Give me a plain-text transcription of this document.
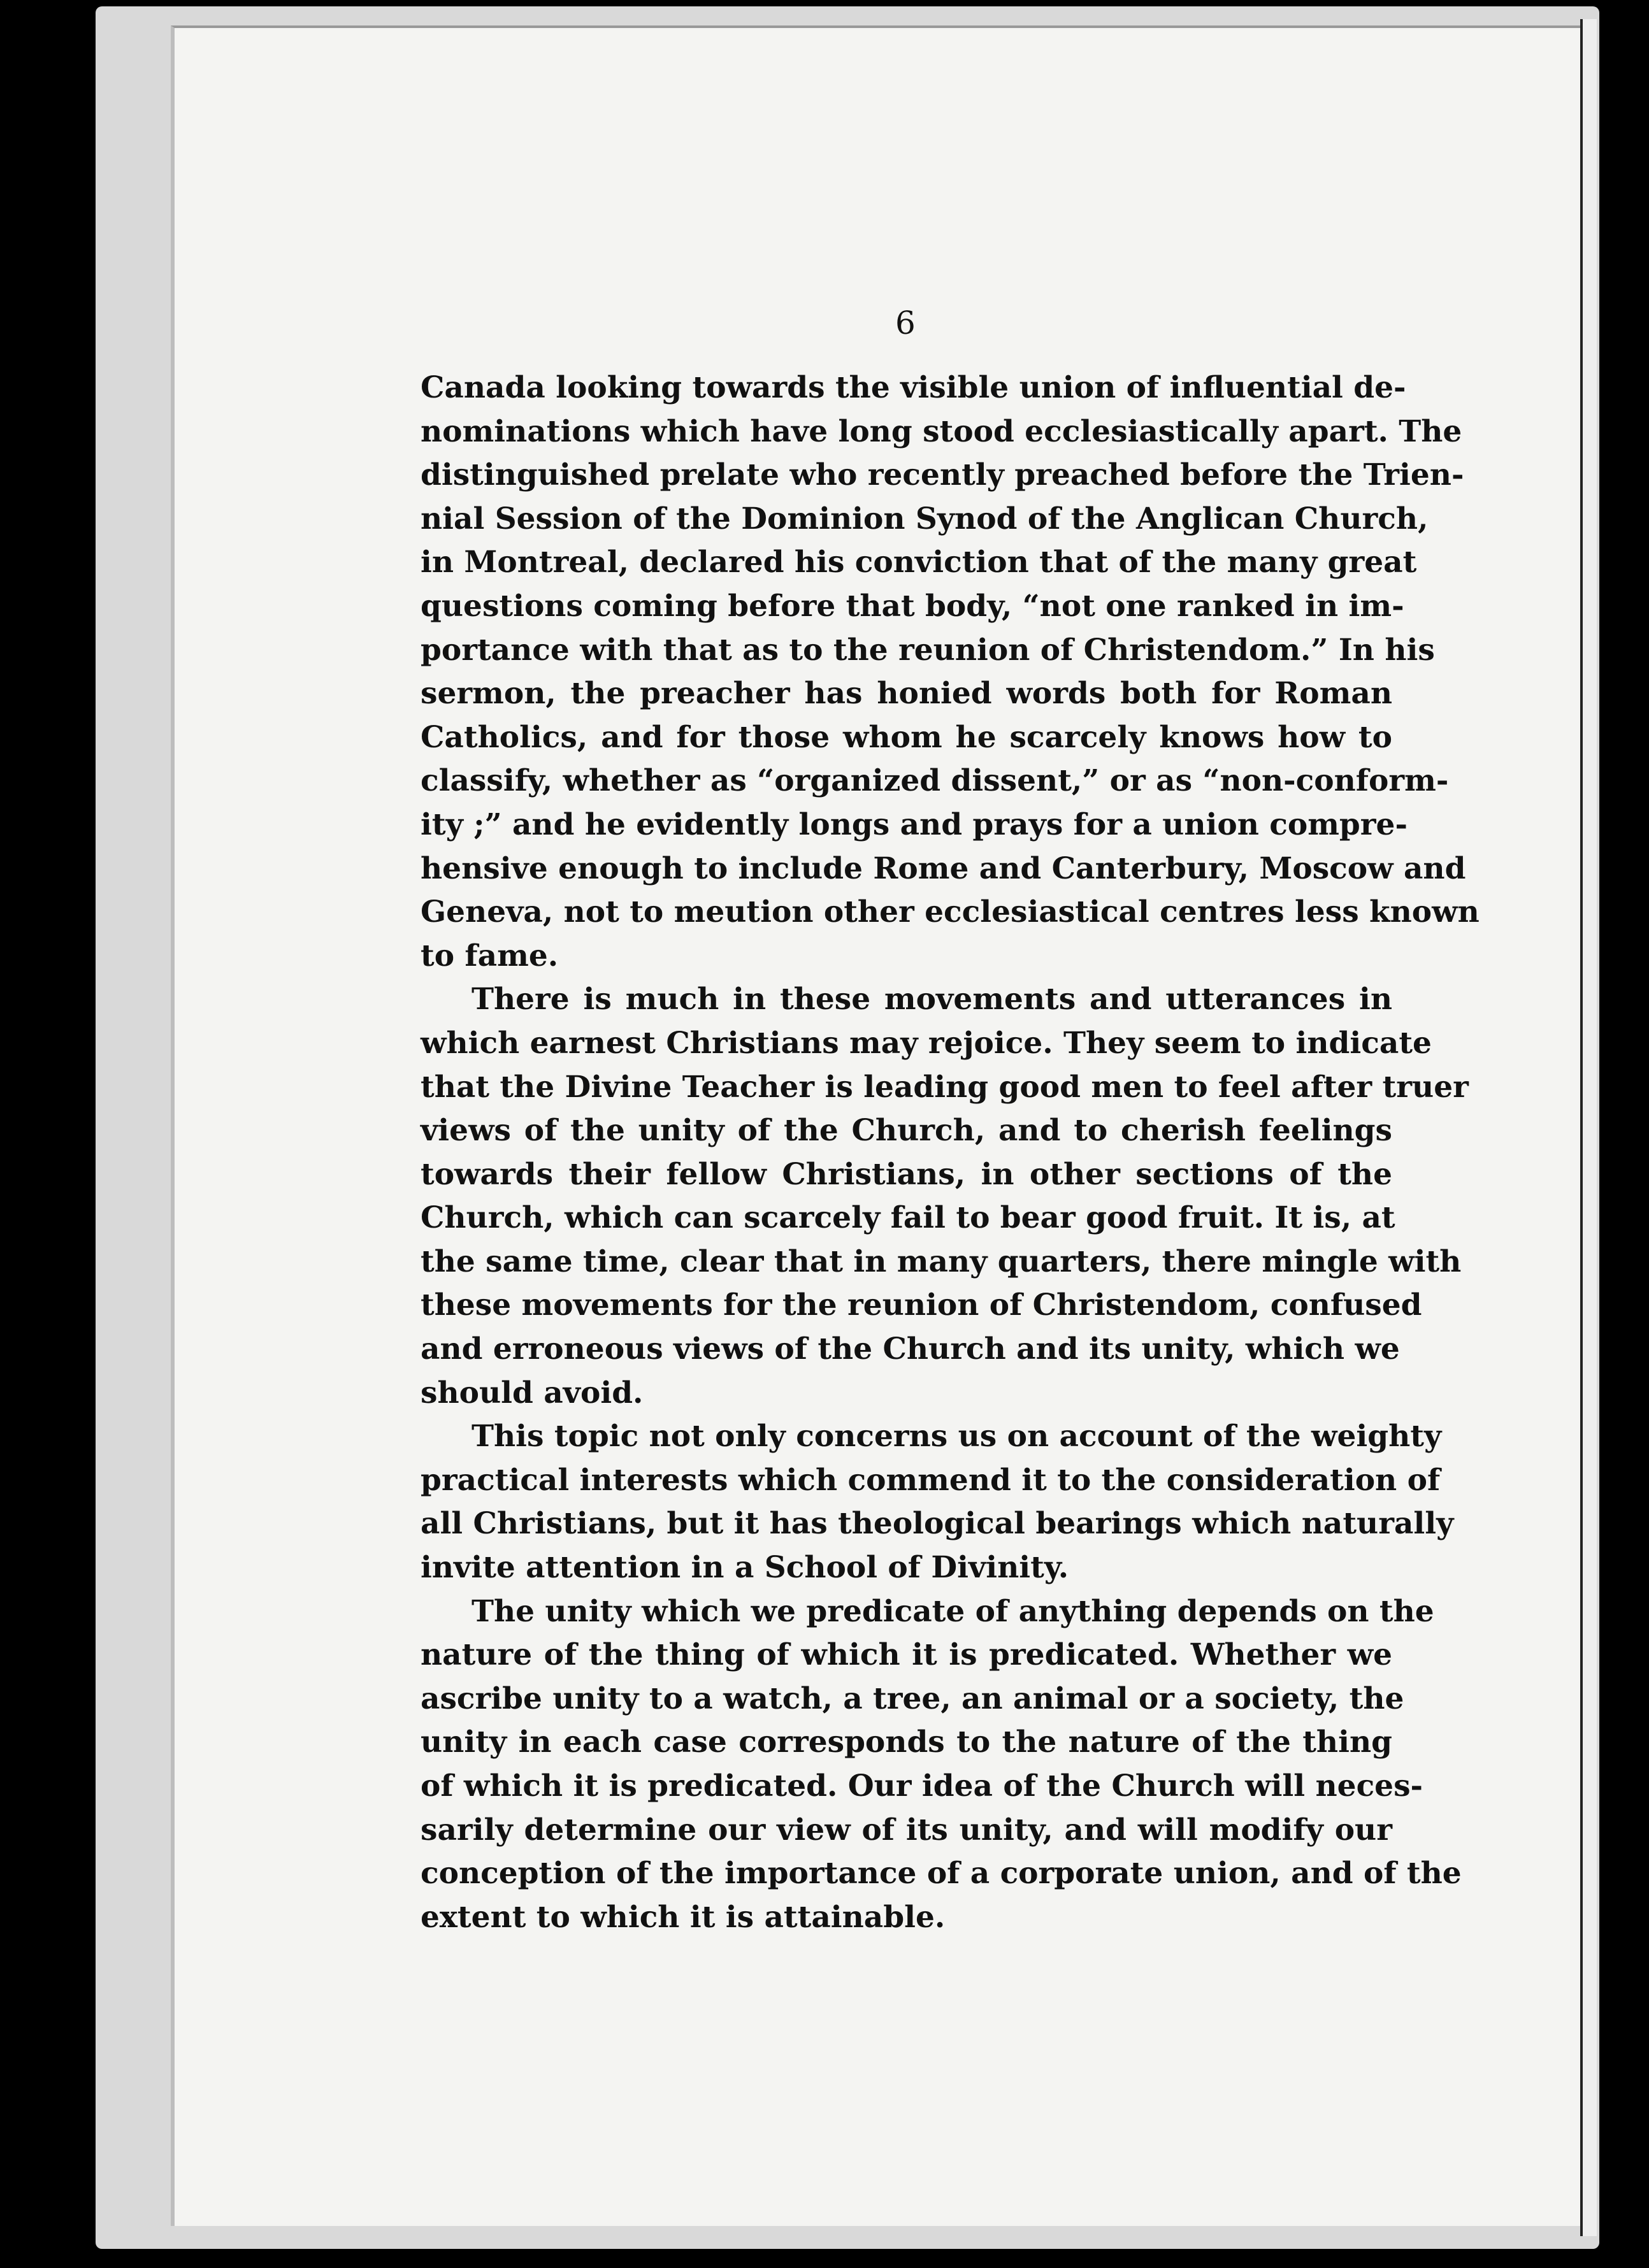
6
Canada looking towards the visible union of influential de-
nominations which have long stood ecclesiastically apart. The
distinguished prelate who recently preached before the Trien-
nial Session of the Dominion Synod of the Anglican Church,
in Montreal, declared his conviction that of the many great
questions coming before that body, “not one ranked in im-
portance with that as to the reunion of Christendom.” In his
sermon, the preacher has honied words both for Roman
Catholics, and for those whom he scarcely knows how to
classify, whether as “organized dissent,” or as “non-conform-
ity ;” and he evidently longs and prays for a union compre-
hensive enough to include Rome and Canterbury, Moscow and
Geneva, not to meution other ecclesiastical centres less known
to fame.
There is much in these movements and utterances in
which earnest Christians may rejoice. They seem to indicate
that the Divine Teacher is leading good men to feel after truer
views of the unity of the Church, and to cherish feelings
towards their fellow Christians, in other sections of the
Church, which can scarcely fail to bear good fruit. It is, at
the same time, clear that in many quarters, there mingle with
these movements for the reunion of Christendom, confused
and erroneous views of the Church and its unity, which we
should avoid.
This topic not only concerns us on account of the weighty
practical interests which commend it to the consideration of
all Christians, but it has theological bearings which naturally
invite attention in a School of Divinity.
The unity which we predicate of anything depends on the
nature of the thing of which it is predicated. Whether we
ascribe unity to a watch, a tree, an animal or a society, the
unity in each case corresponds to the nature of the thing
of which it is predicated. Our idea of the Church will neces-
sarily determine our view of its unity, and will modify our
conception of the importance of a corporate union, and of the
extent to which it is attainable.
